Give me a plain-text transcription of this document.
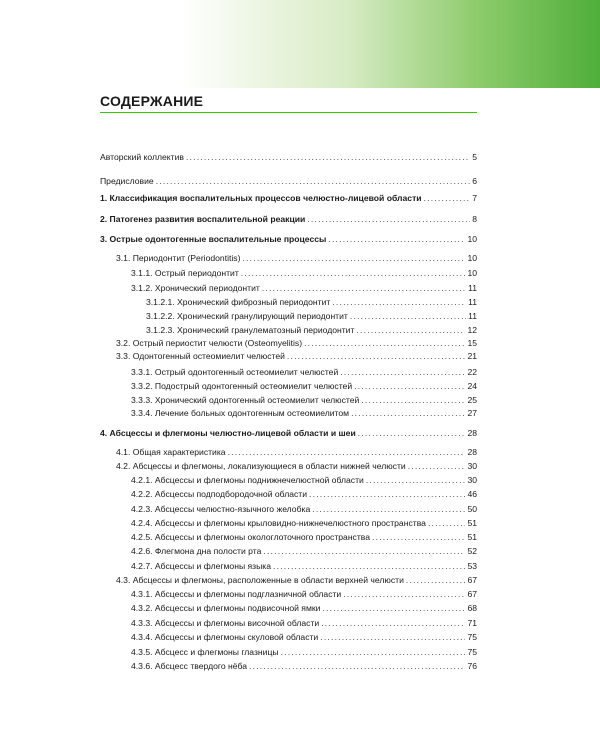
СОДЕРЖАНИЕ
Авторский коллектив .....	5
Предисловие .....	6
1. Классификация воспалительных процессов челюстно-лицевой области .....	7
2. Патогенез развития воспалительной реакции .....	8
3. Острые одонтогенные воспалительные процессы .....	10
3.1. Периодонтит (Periodontitis) .....	10
3.1.1. Острый периодонтит .....	10
3.1.2. Хронический периодонтит .....	11
3.1.2.1. Хронический фиброзный периодонтит .....	11
3.1.2.2. Хронический гранулирующий периодонтит .....	11
3.1.2.3. Хронический гранулематозный периодонтит .....	12
3.2. Острый периостит челюсти (Osteomyelitis) .....	15
3.3. Одонтогенный остеомиелит челюстей .....	21
3.3.1. Острый одонтогенный остеомиелит челюстей .....	22
3.3.2. Подострый одонтогенный остеомиелит челюстей .....	24
3.3.3. Хронический одонтогенный остеомиелит челюстей .....	25
3.3.4. Лечение больных одонтогенным остеомиелитом .....	27
4. Абсцессы и флегмоны челюстно-лицевой области и шеи .....	28
4.1. Общая характеристика .....	28
4.2. Абсцессы и флегмоны, локализующиеся в области нижней челюсти .....	30
4.2.1. Абсцессы и флегмоны поднижнечелюстной области .....	30
4.2.2. Абсцессы подподбородочной области .....	46
4.2.3. Абсцессы челюстно-язычного желобка .....	50
4.2.4. Абсцессы и флегмоны крыловидно-нижнечелюстного пространства .....	51
4.2.5. Абсцессы и флегмоны окологлоточного пространства .....	51
4.2.6. Флегмона дна полости рта .....	52
4.2.7. Абсцессы и флегмоны языка .....	53
4.3. Абсцессы и флегмоны, расположенные в области верхней челюсти .....	67
4.3.1. Абсцессы и флегмоны подглазничной области .....	67
4.3.2. Абсцессы и флегмоны подвисочной ямки .....	68
4.3.3. Абсцессы и флегмоны височной области .....	71
4.3.4. Абсцессы и флегмоны скуловой области .....	75
4.3.5. Абсцесс и флегмоны глазницы .....	75
4.3.6. Абсцесс твердого нёба .....	76
